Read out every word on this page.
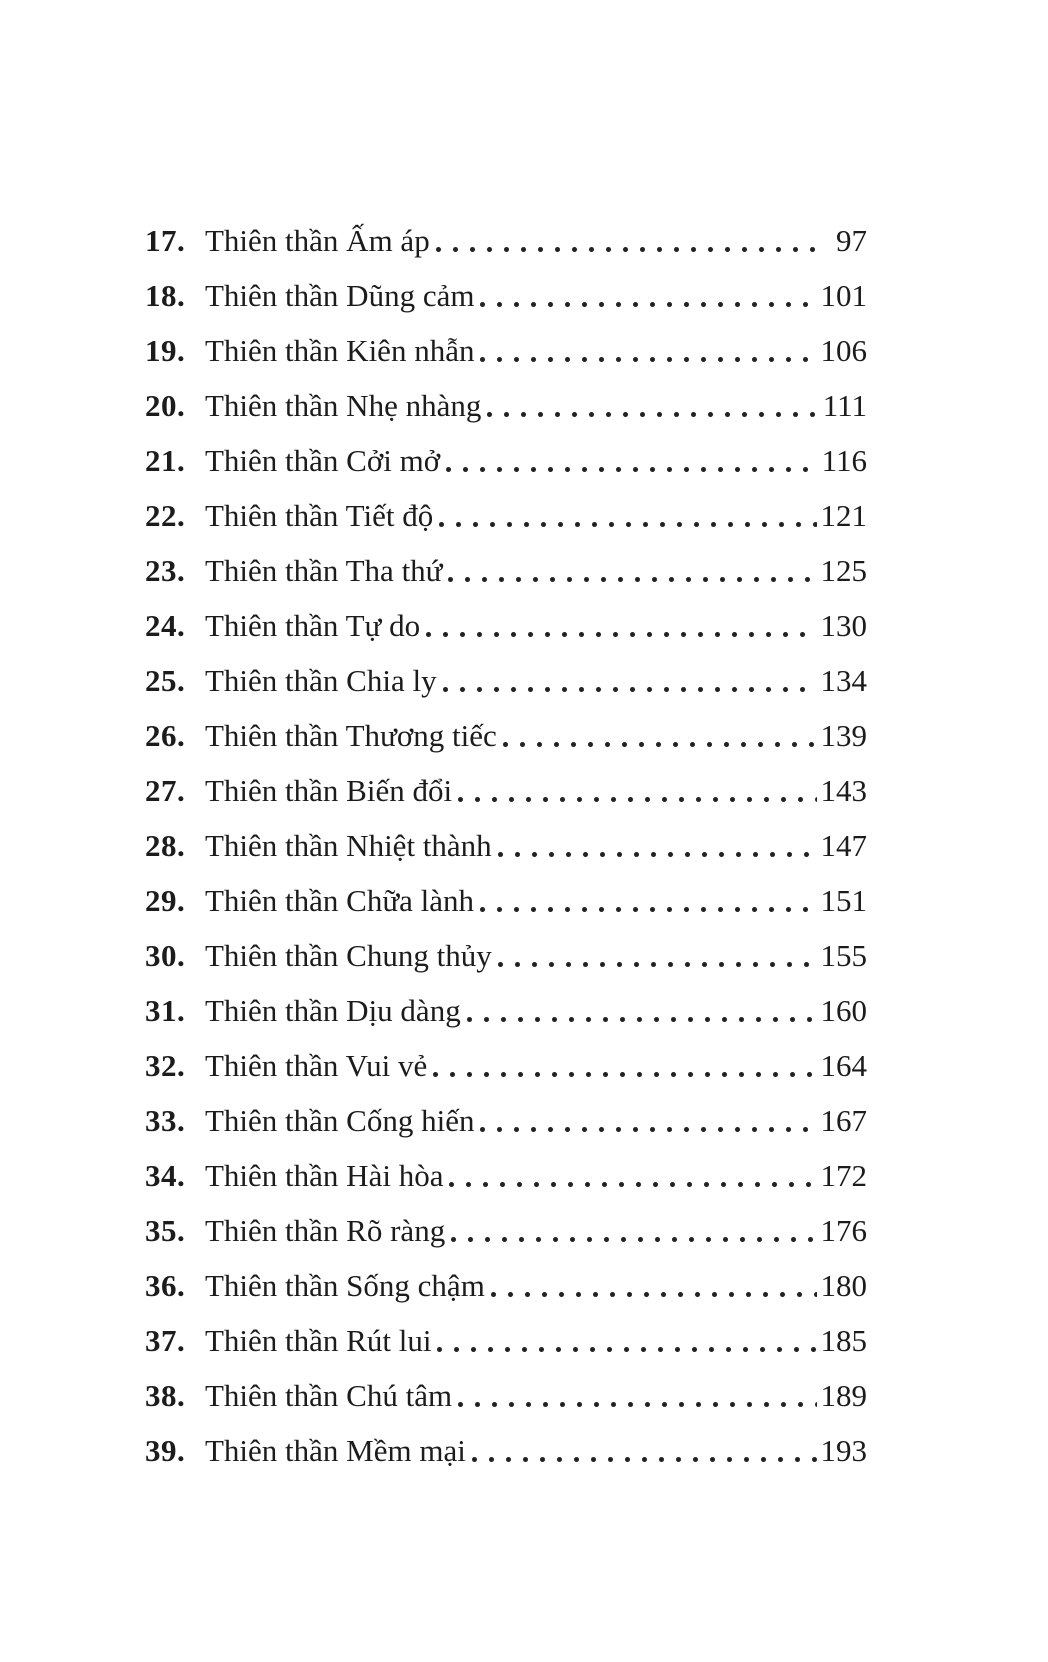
17. Thiên thần Ấm áp	97
18. Thiên thần Dũng cảm	101
19. Thiên thần Kiên nhẫn	106
20. Thiên thần Nhẹ nhàng	111
21. Thiên thần Cởi mở	116
22. Thiên thần Tiết độ	121
23. Thiên thần Tha thứ	125
24. Thiên thần Tự do	130
25. Thiên thần Chia ly	134
26. Thiên thần Thương tiếc	139
27. Thiên thần Biến đổi	143
28. Thiên thần Nhiệt thành	147
29. Thiên thần Chữa lành	151
30. Thiên thần Chung thủy	155
31. Thiên thần Dịu dàng	160
32. Thiên thần Vui vẻ	164
33. Thiên thần Cống hiến	167
34. Thiên thần Hài hòa	172
35. Thiên thần Rõ ràng	176
36. Thiên thần Sống chậm	180
37. Thiên thần Rút lui	185
38. Thiên thần Chú tâm	189
39. Thiên thần Mềm mại	193
